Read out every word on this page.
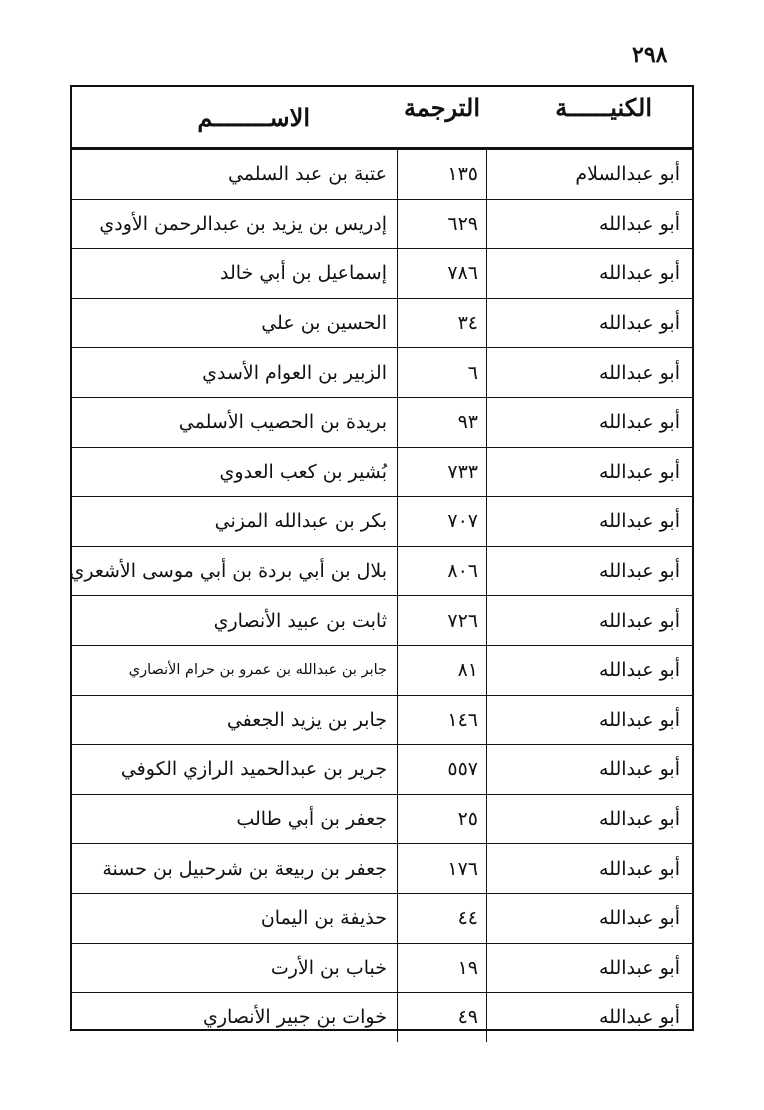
٢٩٨
الكنيــــــة
الترجمة
الاســــــــم
أبو عبدالسلام
١٣٥
عتبة بن عبد السلمي
أبو عبدالله
٦٢٩
إدريس بن يزيد بن عبدالرحمن الأودي
أبو عبدالله
٧٨٦
إسماعيل بن أبي خالد
أبو عبدالله
٣٤
الحسين بن علي
أبو عبدالله
٦
الزبير بن العوام الأسدي
أبو عبدالله
٩٣
بريدة بن الحصيب الأسلمي
أبو عبدالله
٧٣٣
بُشير بن كعب العدوي
أبو عبدالله
٧٠٧
بكر بن عبدالله المزني
أبو عبدالله
٨٠٦
بلال بن أبي بردة بن أبي موسى الأشعري
أبو عبدالله
٧٢٦
ثابت بن عبيد الأنصاري
أبو عبدالله
٨١
جابر بن عبدالله بن عمرو بن حرام الأنصاري
أبو عبدالله
١٤٦
جابر بن يزيد الجعفي
أبو عبدالله
٥٥٧
جرير بن عبدالحميد الرازي الكوفي
أبو عبدالله
٢٥
جعفر بن أبي طالب
أبو عبدالله
١٧٦
جعفر بن ربيعة بن شرحبيل بن حسنة
أبو عبدالله
٤٤
حذيفة بن اليمان
أبو عبدالله
١٩
خباب بن الأرت
أبو عبدالله
٤٩
خوات بن جبير الأنصاري
